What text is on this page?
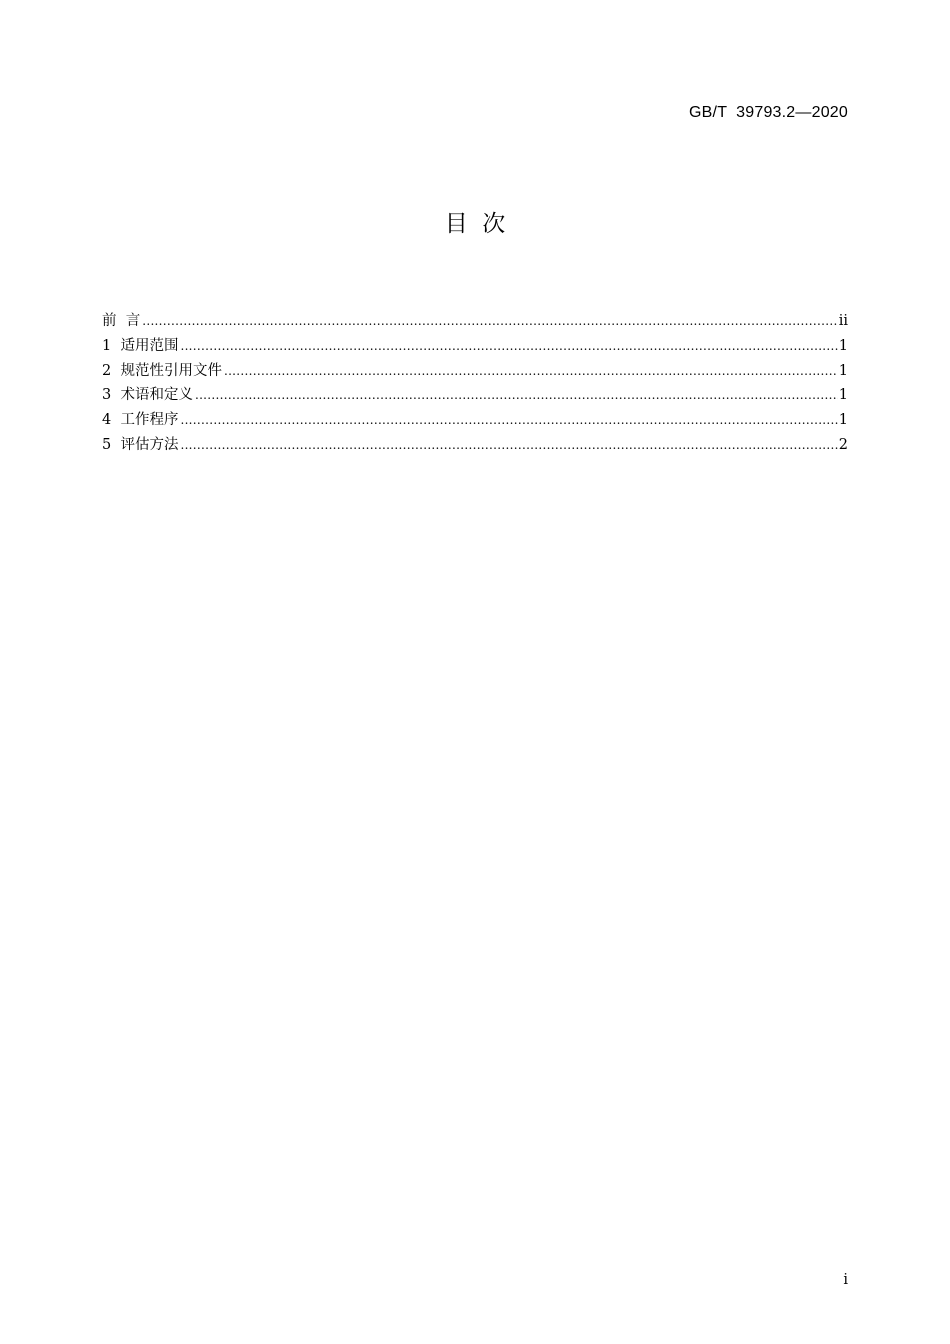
GB/T  39793.2—2020
目  次
前  言 .....	ii
1  适用范围 .....	1
2  规范性引用文件 .....	1
3  术语和定义 .....	1
4  工作程序 .....	1
5  评估方法 .....	2
i
